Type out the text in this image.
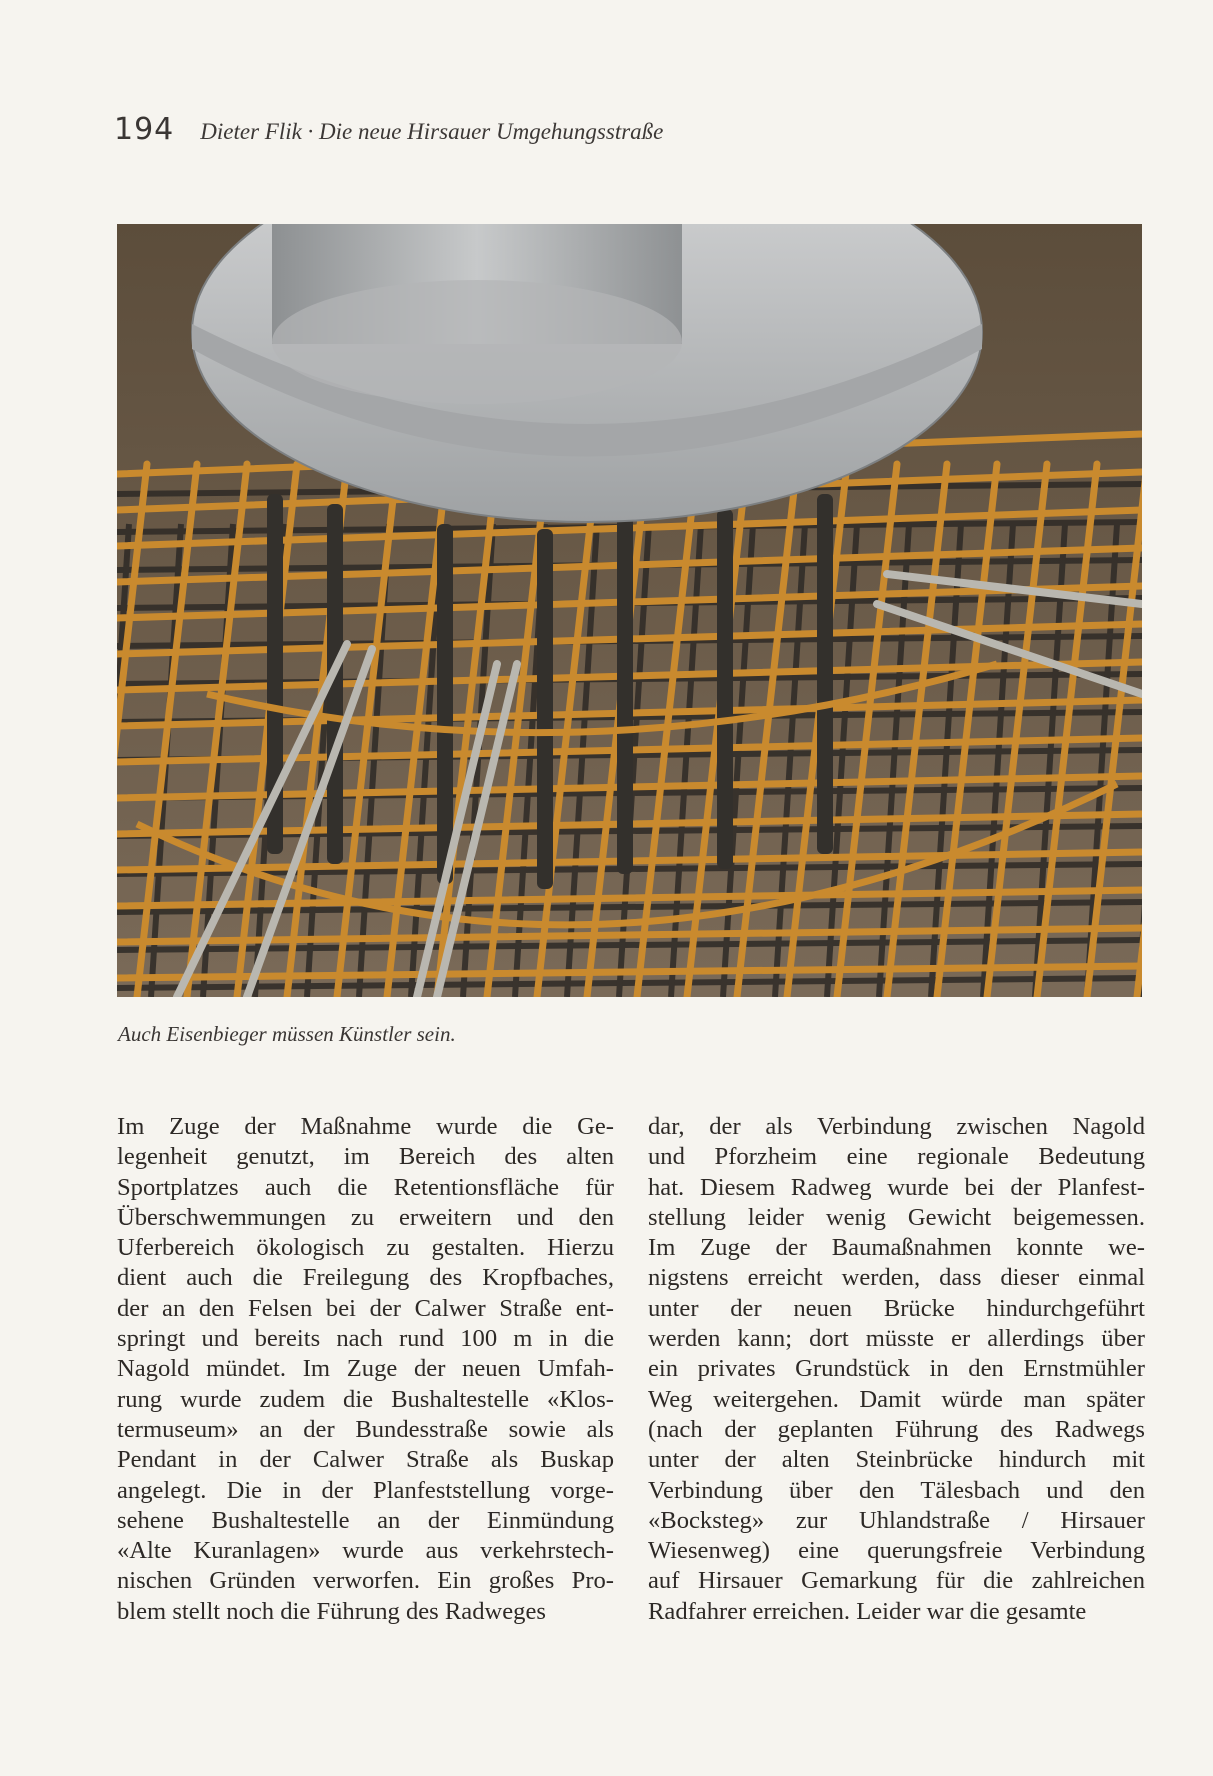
194 Dieter Flik · Die neue Hirsauer Umgehungsstraße
Auch Eisenbieger müssen Künstler sein.
Im Zuge der Maßnahme wurde die Ge-
legenheit genutzt, im Bereich des alten
Sportplatzes auch die Retentionsfläche für
Überschwemmungen zu erweitern und den
Uferbereich ökologisch zu gestalten. Hierzu
dient auch die Freilegung des Kropfbaches,
der an den Felsen bei der Calwer Straße ent-
springt und bereits nach rund 100 m in die
Nagold mündet. Im Zuge der neuen Umfah-
rung wurde zudem die Bushaltestelle «Klos-
termuseum» an der Bundesstraße sowie als
Pendant in der Calwer Straße als Buskap
angelegt. Die in der Planfeststellung vorge-
sehene Bushaltestelle an der Einmündung
«Alte Kuranlagen» wurde aus verkehrstech-
nischen Gründen verworfen. Ein großes Pro-
blem stellt noch die Führung des Radweges
dar, der als Verbindung zwischen Nagold
und Pforzheim eine regionale Bedeutung
hat. Diesem Radweg wurde bei der Planfest-
stellung leider wenig Gewicht beigemessen.
Im Zuge der Baumaßnahmen konnte we-
nigstens erreicht werden, dass dieser einmal
unter der neuen Brücke hindurchgeführt
werden kann; dort müsste er allerdings über
ein privates Grundstück in den Ernstmühler
Weg weitergehen. Damit würde man später
(nach der geplanten Führung des Radwegs
unter der alten Steinbrücke hindurch mit
Verbindung über den Tälesbach und den
«Bocksteg» zur Uhlandstraße / Hirsauer
Wiesenweg) eine querungsfreie Verbindung
auf Hirsauer Gemarkung für die zahlreichen
Radfahrer erreichen. Leider war die gesamte
